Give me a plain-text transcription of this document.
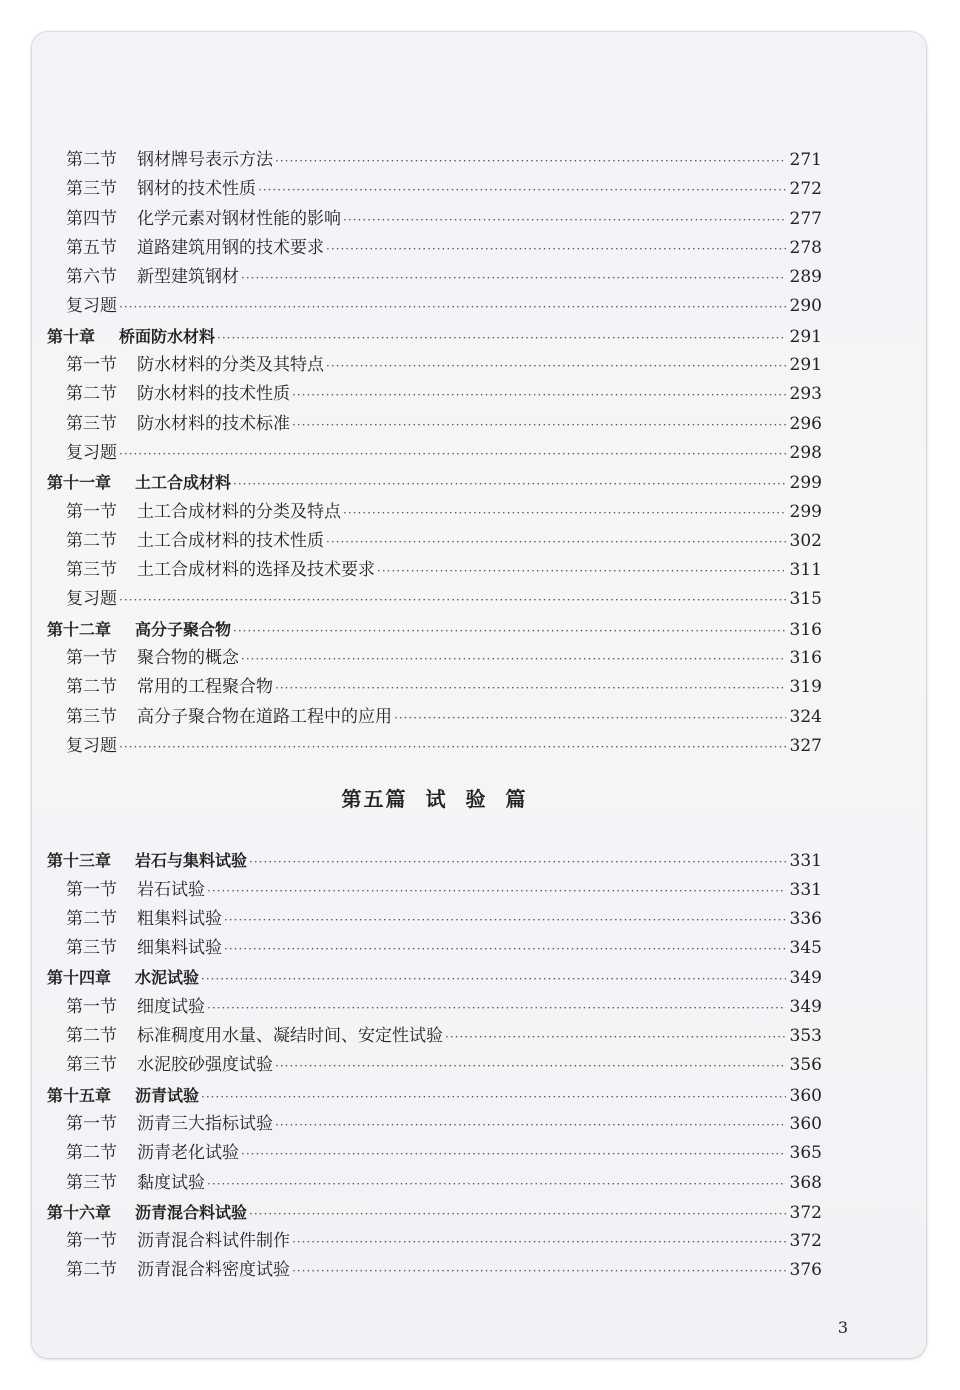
第二节 钢材牌号表示方法 ·····	271
第三节 钢材的技术性质 ·····	272
第四节 化学元素对钢材性能的影响 ·····	277
第五节 道路建筑用钢的技术要求 ·····	278
第六节 新型建筑钢材 ·····	289
复习题 ·····	290
第十章 桥面防水材料 ·····	291
第一节 防水材料的分类及其特点 ·····	291
第二节 防水材料的技术性质 ·····	293
第三节 防水材料的技术标准 ·····	296
复习题 ·····	298
第十一章 土工合成材料 ·····	299
第一节 土工合成材料的分类及特点 ·····	299
第二节 土工合成材料的技术性质 ·····	302
第三节 土工合成材料的选择及技术要求 ·····	311
复习题 ·····	315
第十二章 高分子聚合物 ·····	316
第一节 聚合物的概念 ·····	316
第二节 常用的工程聚合物 ·····	319
第三节 高分子聚合物在道路工程中的应用 ·····	324
复习题 ·····	327
第五篇 试 验 篇
第十三章 岩石与集料试验 ·····	331
第一节 岩石试验 ·····	331
第二节 粗集料试验 ·····	336
第三节 细集料试验 ·····	345
第十四章 水泥试验 ·····	349
第一节 细度试验 ·····	349
第二节 标准稠度用水量、凝结时间、安定性试验 ·····	353
第三节 水泥胶砂强度试验 ·····	356
第十五章 沥青试验 ·····	360
第一节 沥青三大指标试验 ·····	360
第二节 沥青老化试验 ·····	365
第三节 黏度试验 ·····	368
第十六章 沥青混合料试验 ·····	372
第一节 沥青混合料试件制作 ·····	372
第二节 沥青混合料密度试验 ·····	376
3
